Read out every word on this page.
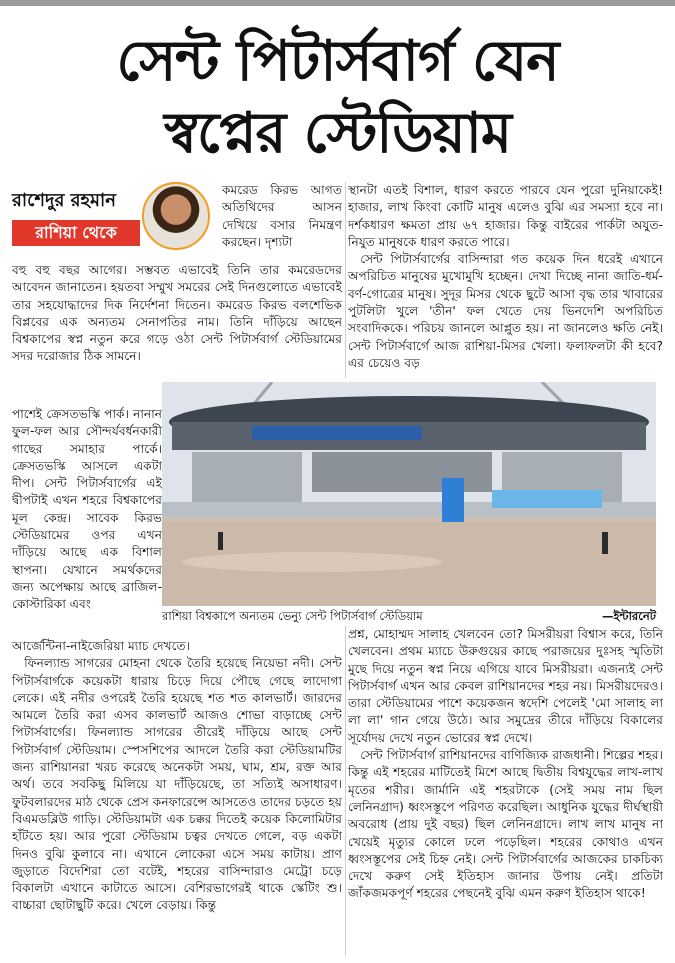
সেন্ট পিটার্সবার্গ যেন
স্বপ্নের স্টেডিয়াম
রাশেদুর রহমান
রাশিয়া থেকে

কমরেড কিরভ আগত অতিথিদের আসন দেখিয়ে বসার নিমন্ত্রণ করছেন। দৃশ্যটা

বহু বহু বছর আগের। সম্ভবত এভাবেই তিনি তার কমরেডদের আবেদন জানাতেন। হয়তবা সম্মুখ সমরের সেই দিনগুলোতে এভাবেই তার সহযোদ্ধাদের দিক নির্দেশনা দিতেন। কমরেড কিরভ বলশেভিক বিপ্লবের এক অন্যতম সেনাপতির নাম। তিনি দাঁড়িয়ে আছেন বিশ্বকাপের স্বপ্ন নতুন করে গড়ে ওঠা সেন্ট পিটার্সবার্গ স্টেডিয়ামের সদর দরোজার ঠিক সামনে।

পাশেই ক্রেসতভস্কি পার্ক। নানান ফুল-ফল আর সৌন্দর্যবর্ধনকারী গাছের সমাহার পার্কে। ক্রেসতভস্কি আসলে একটা দীপ। সেন্ট পিটার্সবার্গের এই দ্বীপটাই এখন শহরে বিশ্বকাপের মূল কেন্দ্র। সাবেক কিরভ স্টেডিয়ামের ওপর এখন দাঁড়িয়ে আছে এক বিশাল স্থাপনা। যেখানে সমর্থকদের জন্য অপেক্ষায় আছে ব্রাজিল-কোস্টারিকা এবং

স্থানটা এতই বিশাল, ধারণ করতে পারবে যেন পুরো দুনিয়াকেই! হাজার, লাখ কিংবা কোটি মানুষ এলেও বুঝি এর সমস্যা হবে না। দর্শকধারণ ক্ষমতা প্রায় ৬৭ হাজার। কিন্তু বাইরের পার্কটা অযুত-নিযুত মানুষকে ধারণ করতে পারে।

সেন্ট পিটার্সবার্গের বাসিন্দারা গত কয়েক দিন ধরেই এখানে অপরিচিত মানুষের মুখোমুখি হচ্ছেন। দেখা দিচ্ছে নানা জাতি-ধর্ম-বর্ণ-গোত্রের মানুষ। সুদূর মিসর থেকে ছুটে আসা বৃদ্ধ তার খাবারের পুটলিটা খুলে 'তীন' ফল খেতে দেয় ভিনদেশি অপরিচিত সংবাদিককে। পরিচয় জানলে আপ্লুত হয়। না জানলেও ক্ষতি নেই। সেন্ট পিটার্সবার্গে আজ রাশিয়া-মিসর খেলা। ফলাফলটা কী হবে? এর চেয়েও বড়

রাশিয়া বিশ্বকাপে অন্যতম ভেন্যু সেন্ট পিটার্সবার্গ স্টেডিয়াম	—ইন্টারনেট

আর্জেন্টিনা-নাইজেরিয়া ম্যাচ দেখতে।

ফিনল্যান্ড সাগরের মোহনা থেকে তৈরি হয়েছে নিয়েভা নদী। সেন্ট পিটার্সবার্গকে কয়েকটা ধারায় চিড়ে দিয়ে পৌছে গেছে লাদোগা লেকে। এই নদীর ওপরেই তৈরি হয়েছে শত শত কালভার্ট। জারদের আমলে তৈরি করা এসব কালভার্ট আজও শোভা বাড়াচ্ছে সেন্ট পিটার্সবার্গের। ফিনল্যান্ড সাগরের তীরেই দাঁড়িয়ে আছে সেন্ট পিটার্সবার্গ স্টেডিয়াম। স্পেসশিপের আদলে তৈরি করা স্টেডিয়ামটির জন্য রাশিয়ানরা খরচ করেছে অনেকটা সময়, ঘাম, শ্রম, রক্ত আর অর্থ। তবে সবকিছু মিলিয়ে যা দাঁড়িয়েছে, তা সত্যিই অসাধারণ। ফুটবলারদের মাঠ থেকে প্রেস কনফারেন্সে আসতেও তাদের চড়তে হয় বিএমডব্লিউ গাড়ি। স্টেডিয়ামটা এক চক্কর দিতেই কয়েক কিলোমিটার হাঁটতে হয়। আর পুরো স্টেডিয়াম চত্বর দেখতে গেলে, বড় একটা দিনও বুঝি কুলাবে না। এখানে লোকেরা এসে সময় কাটায়। প্রাণ জুড়াতে বিদেশিরা তো বটেই, শহরের বাসিন্দারাও মেট্রো চড়ে বিকালটা এখানে কাটাতে আসে। বেশিরভাগেরই থাকে স্কেটিং শু। বাচ্চারা ছোটাছুটি করে। খেলে বেড়ায়। কিন্তু

প্রশ্ন, মোহাম্মদ সালাহ খেলবেন তো? মিসরীয়রা বিশ্বাস করে, তিনি খেলবেন। প্রথম ম্যাচে উরুগুয়ের কাছে পরাজয়ের দুঃসহ স্মৃতিটা মুছে দিয়ে নতুন স্বপ্ন নিয়ে এগিয়ে যাবে মিসরীয়রা। এজন্যই সেন্ট পিটার্সবার্গ এখন আর কেবল রাশিয়ানদের শহর নয়। মিসরীয়দেরও। তারা স্টেডিয়ামের পাশে কয়েকজন স্বদেশি পেলেই 'মো সালাহ লা লা লা' গান গেয়ে উঠে। আর সমুদ্রের তীরে দাঁড়িয়ে বিকালের সূর্যোদয় দেখে নতুন ভোরের স্বপ্ন দেখে।

সেন্ট পিটার্সবার্গ রাশিয়ানদের বাণিজ্যিক রাজধানী। শিল্পের শহর। কিন্তু এই শহরের মাটিতেই মিশে আছে দ্বিতীয় বিশ্বযুদ্ধের লাখ-লাখ মৃতের শরীর। জার্মানি এই শহরটাকে (সেই সময় নাম ছিল লেনিনগ্রাদ) ধ্বংসস্তূপে পরিণত করেছিল। আধুনিক যুদ্ধের দীর্ঘস্থায়ী অবরোধ (প্রায় দুই বছর) ছিল লেনিনগ্রাদে। লাখ লাখ মানুষ না খেয়েই মৃত্যুর কোলে ঢলে পড়েছিল। শহরের কোথাও এখন ধ্বংসস্তূপের সেই চিহ্ন নেই। সেন্ট পিটার্সবার্গের আজকের চাকচিক্য দেখে করুণ সেই ইতিহাস জানার উপায় নেই। প্রতিটা জাঁকজমকপূর্ণ শহরের পেছনেই বুঝি এমন করুণ ইতিহাস থাকে!
